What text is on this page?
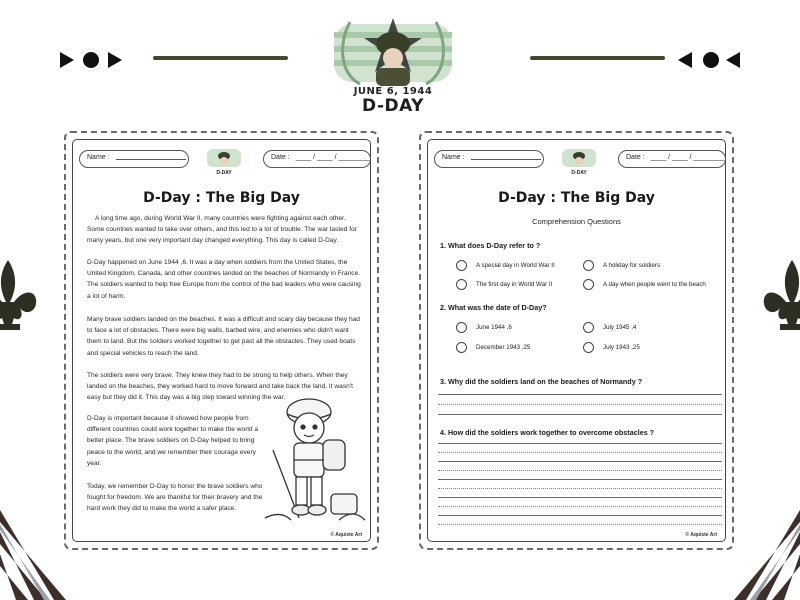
JUNE 6, 1944
D-DAY
Name :
D-DAY
Date : ____ / ____ / ________
D-Day : The Big Day
A long time ago, during World War II, many countries were fighting against each other. Some countries wanted to take over others, and this led to a lot of trouble. The war lasted for many years, but one very important day changed everything. This day is called D-Day.
D-Day happened on June 1944 ,6. It was a day when soldiers from the United States, the United Kingdom, Canada, and other countries landed on the beaches of Normandy in France. The soldiers wanted to help free Europe from the control of the bad leaders who were causing a lot of harm.
Many brave soldiers landed on the beaches. It was a difficult and scary day because they had to face a lot of obstacles. There were big walls, barbed wire, and enemies who didn't want them to land. But the soldiers worked together to get past all the obstacles. They used boats and special vehicles to reach the land.
The soldiers were very brave. They knew they had to be strong to help others. When they landed on the beaches, they worked hard to move forward and take back the land. It wasn't easy but they did it. This day was a big step toward winning the war.
D-Day is important because it showed how people from different countries could work together to make the world a better place. The brave soldiers on D-Day helped to bring peace to the world, and we remember their courage every year.
Today, we remember D-Day to honor the brave soldiers who fought for freedom. We are thankful for their bravery and the hard work they did to make the world a safer place.
© Aquiste Art
Name :
D-DAY
Date : ____ / ____ / ________
D-Day : The Big Day
Comprehension Questions
1. What does D-Day refer to ?
A special day in World War II	A holiday for soldiers
The first day in World War II	A day when people went to the beach
2. What was the date of D-Day?
June 1944 ,6	July 1945 ,4
December 1943 ,25	July 1943 ,25
3. Why did the soldiers land on the beaches of Normandy ?
4. How did the soldiers work together to overcome obstacles ?
© Aquiste Art
